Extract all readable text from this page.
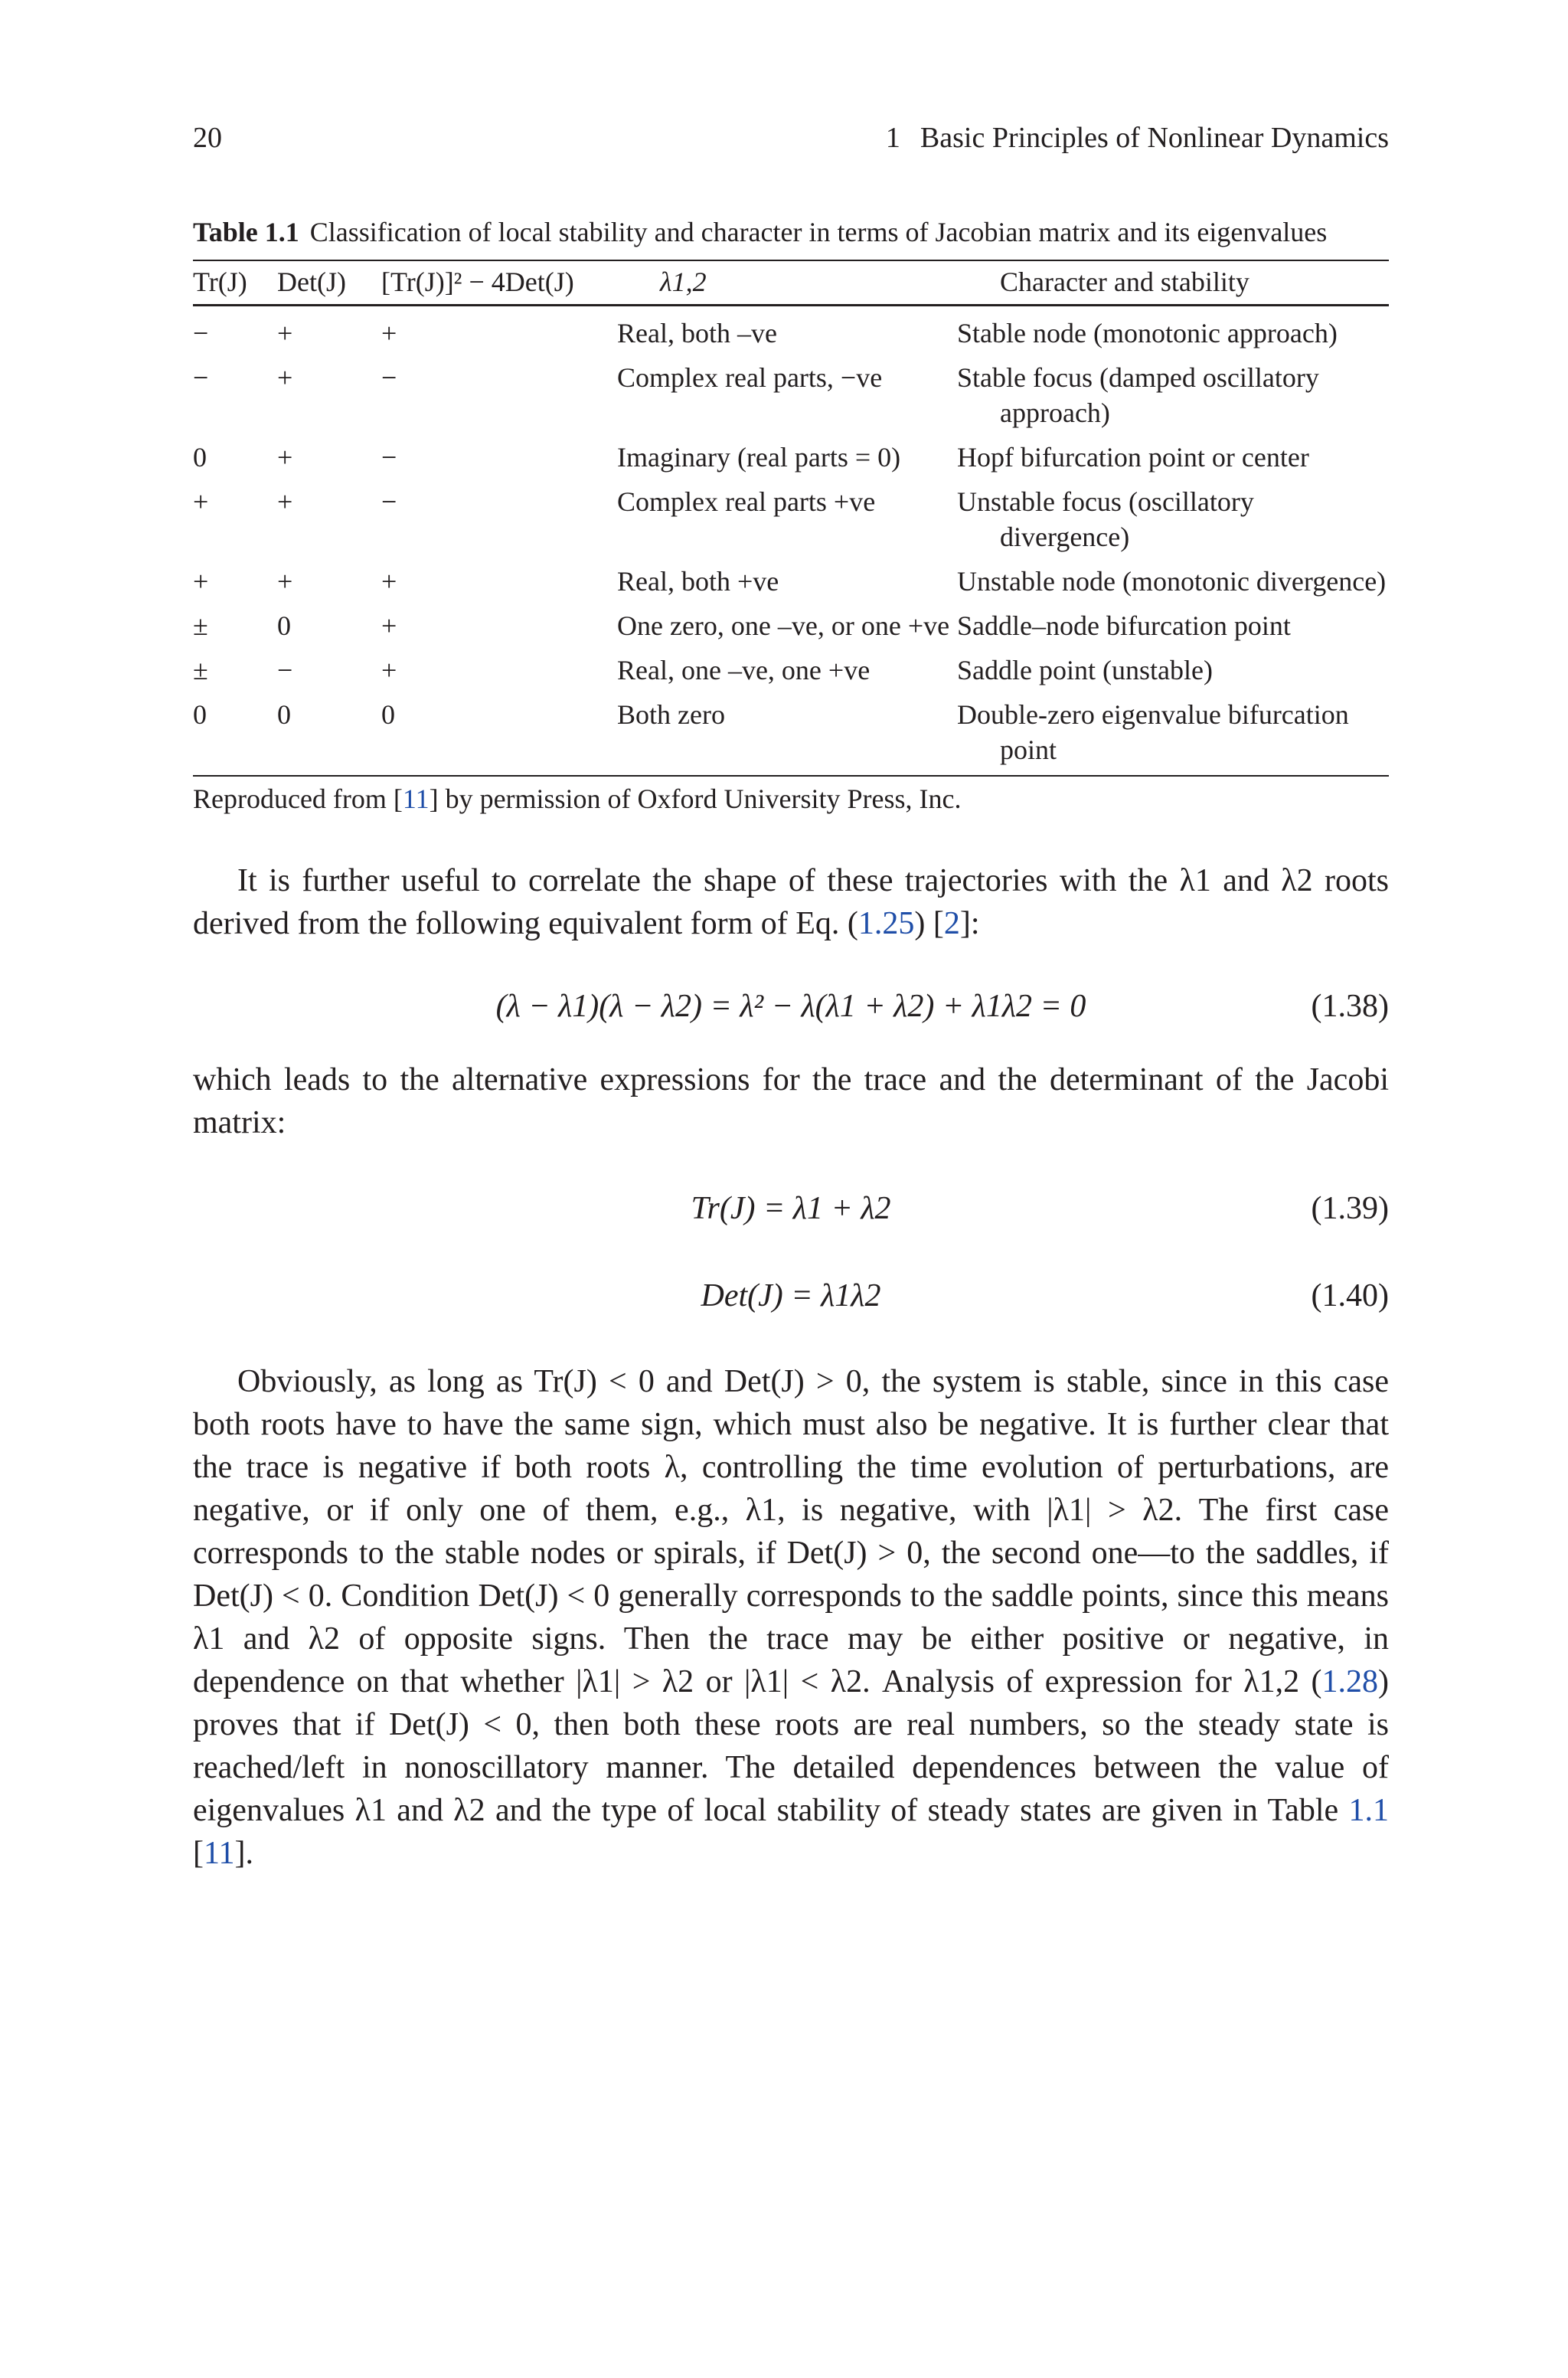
20	1 Basic Principles of Nonlinear Dynamics
Table 1.1 Classification of local stability and character in terms of Jacobian matrix and its eigenvalues
Tr(J)	Det(J)	[Tr(J)]² − 4Det(J)	λ1,2	Character and stability
−	+	+	Real, both –ve	Stable node (monotonic approach)
−	+	−	Complex real parts, −ve	Stable focus (damped oscillatory approach)
0	+	−	Imaginary (real parts = 0)	Hopf bifurcation point or center
+	+	−	Complex real parts +ve	Unstable focus (oscillatory divergence)
+	+	+	Real, both +ve	Unstable node (monotonic divergence)
±	0	+	One zero, one –ve, or one +ve	Saddle–node bifurcation point
±	−	+	Real, one –ve, one +ve	Saddle point (unstable)
0	0	0	Both zero	Double-zero eigenvalue bifurcation point
Reproduced from [11] by permission of Oxford University Press, Inc.

It is further useful to correlate the shape of these trajectories with the λ1 and λ2 roots derived from the following equivalent form of Eq. (1.25) [2]:

(λ − λ1)(λ − λ2) = λ² − λ(λ1 + λ2) + λ1λ2 = 0	(1.38)

which leads to the alternative expressions for the trace and the determinant of the Jacobi matrix:

Tr(J) = λ1 + λ2	(1.39)
Det(J) = λ1λ2	(1.40)

Obviously, as long as Tr(J) < 0 and Det(J) > 0, the system is stable, since in this case both roots have to have the same sign, which must also be negative. It is further clear that the trace is negative if both roots λ, controlling the time evolution of perturbations, are negative, or if only one of them, e.g., λ1, is negative, with |λ1| > λ2. The first case corresponds to the stable nodes or spirals, if Det(J) > 0, the second one—to the saddles, if Det(J) < 0. Condition Det(J) < 0 generally corresponds to the saddle points, since this means λ1 and λ2 of opposite signs. Then the trace may be either positive or negative, in dependence on that whether |λ1| > λ2 or |λ1| < λ2. Analysis of expression for λ1,2 (1.28) proves that if Det(J) < 0, then both these roots are real numbers, so the steady state is reached/left in nonoscillatory manner. The detailed dependences between the value of eigenvalues λ1 and λ2 and the type of local stability of steady states are given in Table 1.1 [11].
